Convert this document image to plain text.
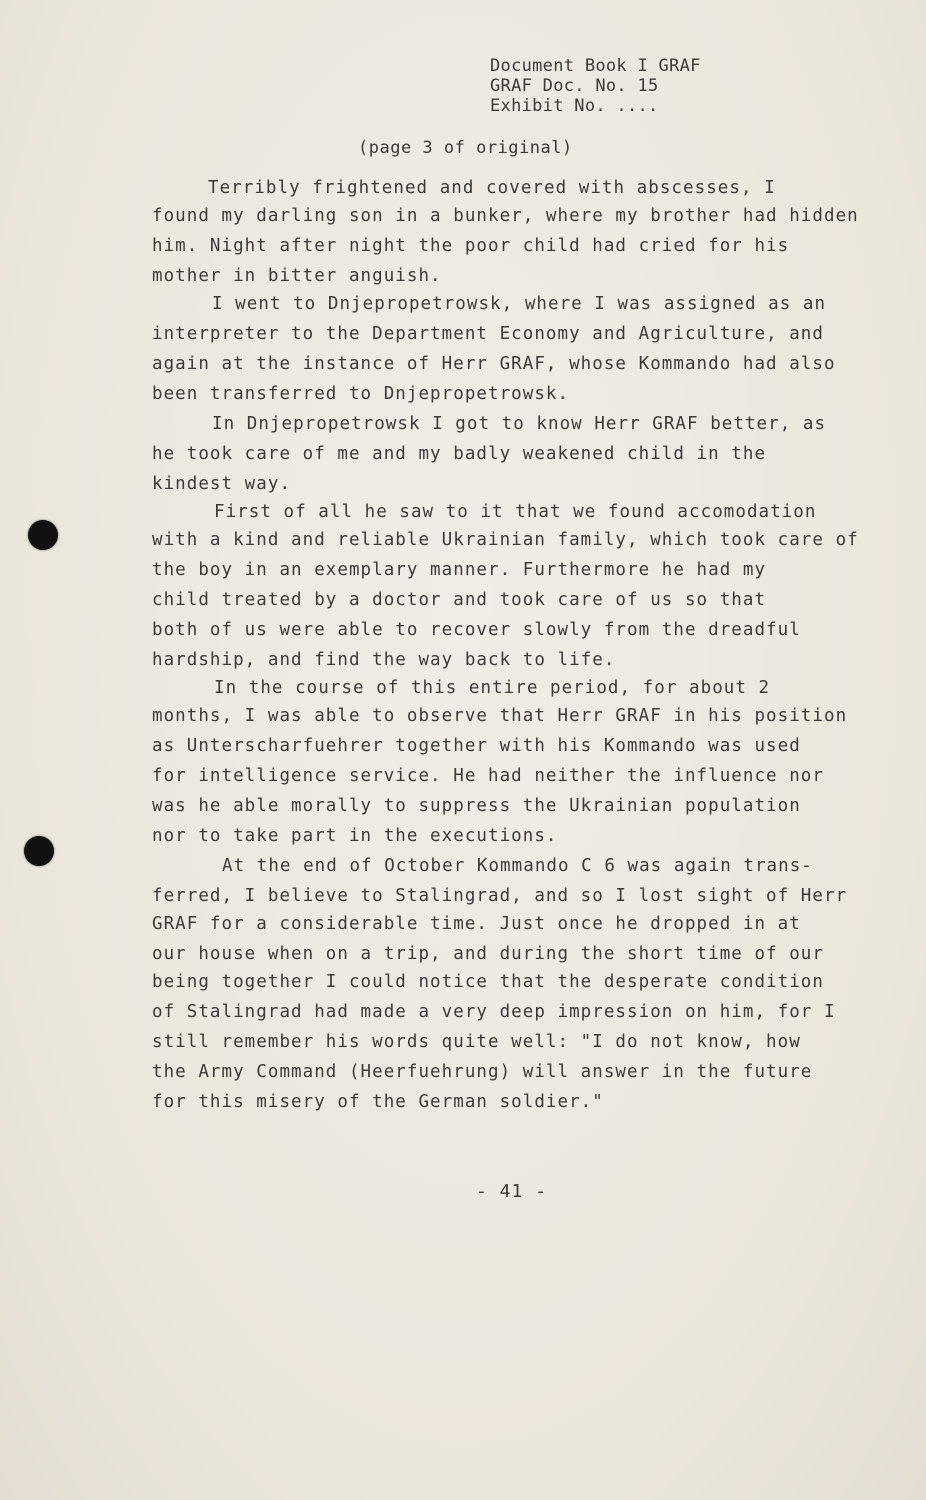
Document Book I GRAF
GRAF Doc. No. 15
Exhibit No. ....
(page 3 of original)
Terribly frightened and covered with abscesses, I
found my darling son in a bunker, where my brother had hidden
him. Night after night the poor child had cried for his
mother in bitter anguish.
I went to Dnjepropetrowsk, where I was assigned as an
interpreter to the Department Economy and Agriculture, and
again at the instance of Herr GRAF, whose Kommando had also
been transferred to Dnjepropetrowsk.
In Dnjepropetrowsk I got to know Herr GRAF better, as
he took care of me and my badly weakened child in the
kindest way.
First of all he saw to it that we found accomodation
with a kind and reliable Ukrainian family, which took care of
the boy in an exemplary manner. Furthermore he had my
child treated by a doctor and took care of us so that
both of us were able to recover slowly from the dreadful
hardship, and find the way back to life.
In the course of this entire period, for about 2
months, I was able to observe that Herr GRAF in his position
as Unterscharfuehrer together with his Kommando was used
for intelligence service. He had neither the influence nor
was he able morally to suppress the Ukrainian population
nor to take part in the executions.
At the end of October Kommando C 6 was again trans-
ferred, I believe to Stalingrad, and so I lost sight of Herr
GRAF for a considerable time. Just once he dropped in at
our house when on a trip, and during the short time of our
being together I could notice that the desperate condition
of Stalingrad had made a very deep impression on him, for I
still remember his words quite well: "I do not know, how
the Army Command (Heerfuehrung) will answer in the future
for this misery of the German soldier."
- 41 -
